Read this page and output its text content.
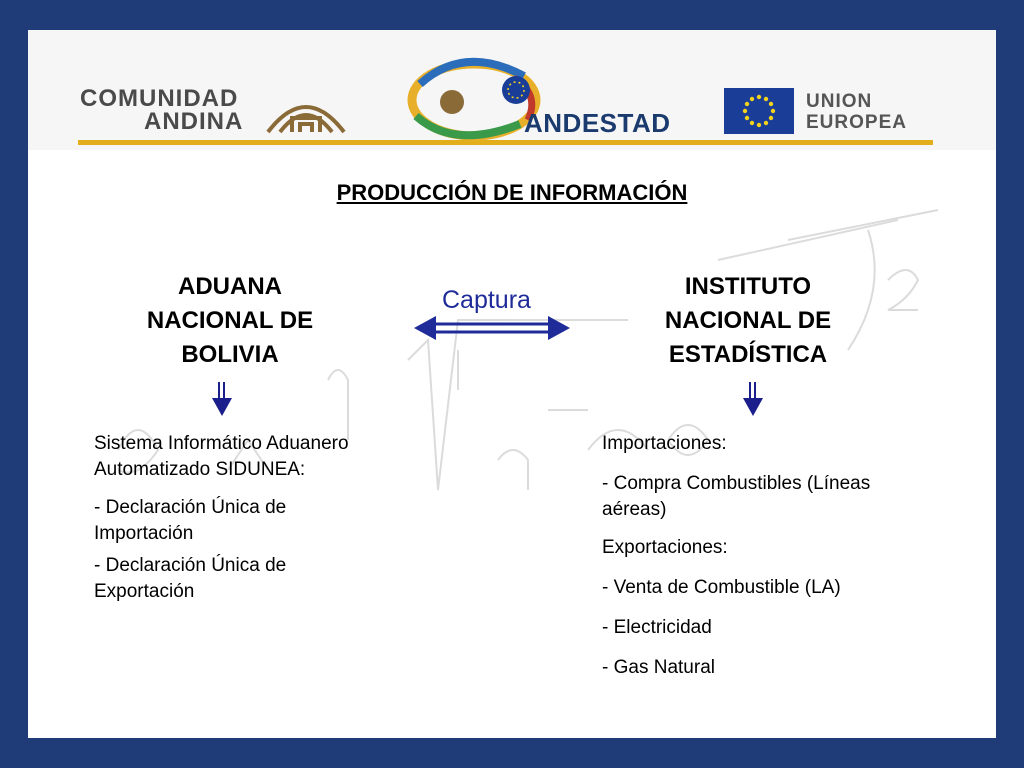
COMUNIDAD
ANDINA	ANDESTAD
UNION
EUROPEA
PRODUCCIÓN DE INFORMACIÓN
ADUANA
NACIONAL DE
BOLIVIA
Captura	INSTITUTO
NACIONAL DE
ESTADÍSTICA

Sistema Informático Aduanero

Automatizado SIDUNEA:

- Declaración Única de

Importación

- Declaración Única de

Exportación

Importaciones:

- Compra Combustibles (Líneas
aéreas)

Exportaciones:

- Venta de Combustible (LA)

- Electricidad

- Gas Natural
